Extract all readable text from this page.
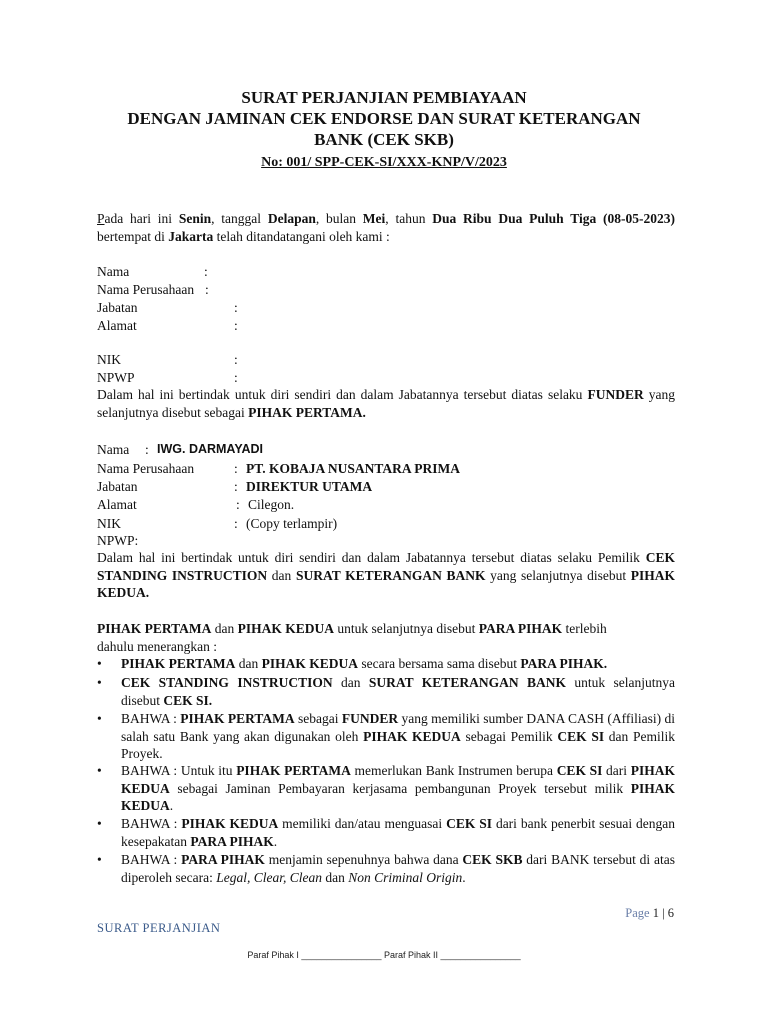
SURAT PERJANJIAN PEMBIAYAAN
DENGAN JAMINAN CEK ENDORSE DAN SURAT KETERANGAN
BANK (CEK SKB)
No: 001/ SPP-CEK-SI/XXX-KNP/V/2023
Pada hari ini Senin, tanggal Delapan, bulan Mei, tahun Dua Ribu Dua Puluh Tiga (08-05-2023) bertempat di Jakarta telah ditandatangani oleh kami :
Nama	:
Nama Perusahaan :
Jabatan	:
Alamat	:
NIK	:
NPWP	:
Dalam hal ini bertindak untuk diri sendiri dan dalam Jabatannya tersebut diatas selaku FUNDER yang selanjutnya disebut sebagai PIHAK PERTAMA.
Nama : IWG. DARMAYADI
Nama Perusahaan	: PT. KOBAJA NUSANTARA PRIMA
Jabatan	: DIREKTUR UTAMA
Alamat	: Cilegon.
NIK	: (Copy terlampir)
NPWP:
Dalam hal ini bertindak untuk diri sendiri dan dalam Jabatannya tersebut diatas selaku Pemilik CEK STANDING INSTRUCTION dan SURAT KETERANGAN BANK yang selanjutnya disebut PIHAK KEDUA.
PIHAK PERTAMA dan PIHAK KEDUA untuk selanjutnya disebut PARA PIHAK terlebih
dahulu menerangkan :
•	PIHAK PERTAMA dan PIHAK KEDUA secara bersama sama disebut PARA PIHAK.
•	CEK STANDING INSTRUCTION dan SURAT KETERANGAN BANK untuk selanjutnya disebut CEK SI.
•	BAHWA : PIHAK PERTAMA sebagai FUNDER yang memiliki sumber DANA CASH (Affiliasi) di salah satu Bank yang akan digunakan oleh PIHAK KEDUA sebagai Pemilik CEK SI dan Pemilik Proyek.
•	BAHWA : Untuk itu PIHAK PERTAMA memerlukan Bank Instrumen berupa CEK SI dari PIHAK KEDUA sebagai Jaminan Pembayaran kerjasama pembangunan Proyek tersebut milik PIHAK KEDUA.
•	BAHWA : PIHAK KEDUA memiliki dan/atau menguasai CEK SI dari bank penerbit sesuai dengan kesepakatan PARA PIHAK.
•	BAHWA : PARA PIHAK menjamin sepenuhnya bahwa dana CEK SKB dari BANK tersebut di atas diperoleh secara: Legal, Clear, Clean dan Non Criminal Origin.
Page 1 | 6
SURAT PERJANJIAN
Paraf Pihak I ________________ Paraf Pihak II ________________
